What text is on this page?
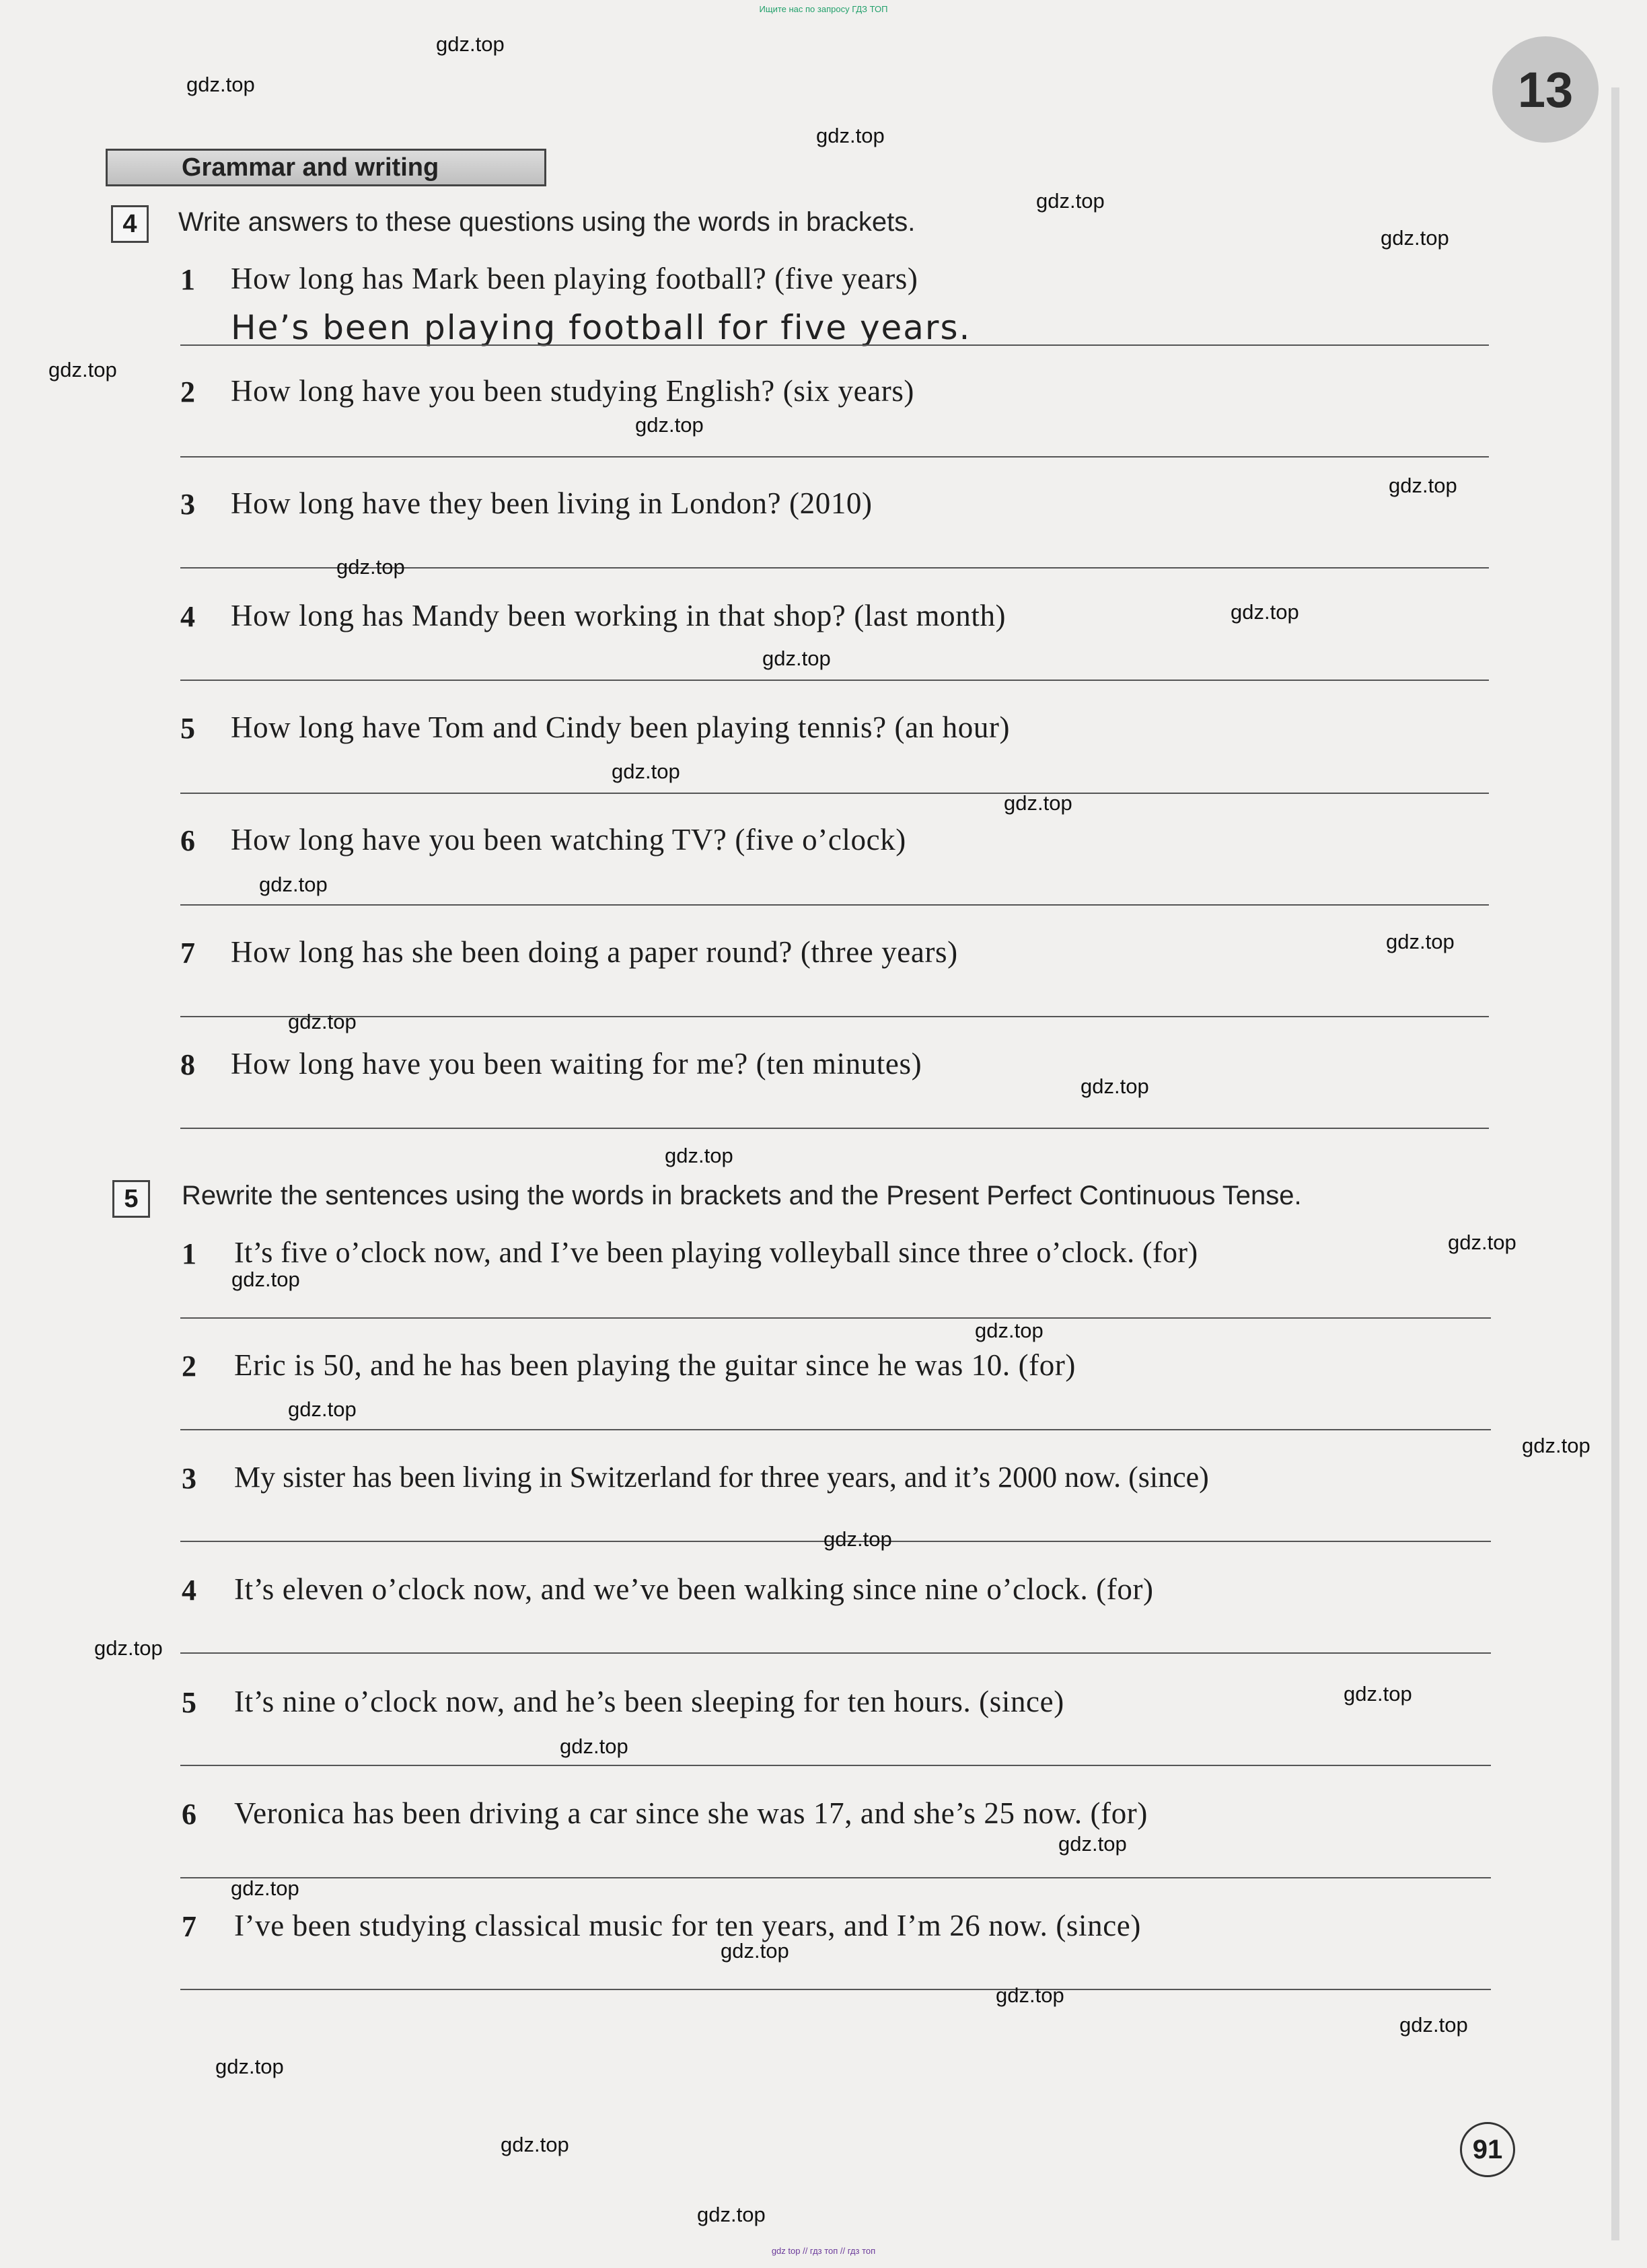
Ищите нас по запросу ГДЗ ТОП
gdz top // гдз топ // гдз топ
13
Grammar and writing
4	Write answers to these questions using the words in brackets.
1 How long has Mark been playing football? (five years)
He’s been playing football for five years.
2 How long have you been studying English? (six years)
3 How long have they been living in London? (2010)
4 How long has Mandy been working in that shop? (last month)
5 How long have Tom and Cindy been playing tennis? (an hour)
6 How long have you been watching TV? (five o’clock)
7 How long has she been doing a paper round? (three years)
8 How long have you been waiting for me? (ten minutes)
5	Rewrite the sentences using the words in brackets and the Present Perfect Continuous Tense.
1 It’s five o’clock now, and I’ve been playing volleyball since three o’clock. (for)
2 Eric is 50, and he has been playing the guitar since he was 10. (for)
3 My sister has been living in Switzerland for three years, and it’s 2000 now. (since)
4 It’s eleven o’clock now, and we’ve been walking since nine o’clock. (for)
5 It’s nine o’clock now, and he’s been sleeping for ten hours. (since)
6 Veronica has been driving a car since she was 17, and she’s 25 now. (for)
7 I’ve been studying classical music for ten years, and I’m 26 now. (since)
91
gdz.top
gdz.top
gdz.top
gdz.top
gdz.top
gdz.top
gdz.top
gdz.top
gdz.top
gdz.top
gdz.top
gdz.top
gdz.top
gdz.top
gdz.top
gdz.top
gdz.top
gdz.top
gdz.top
gdz.top
gdz.top
gdz.top
gdz.top
gdz.top
gdz.top
gdz.top
gdz.top
gdz.top
gdz.top
gdz.top
gdz.top
gdz.top
gdz.top
gdz.top
gdz.top
